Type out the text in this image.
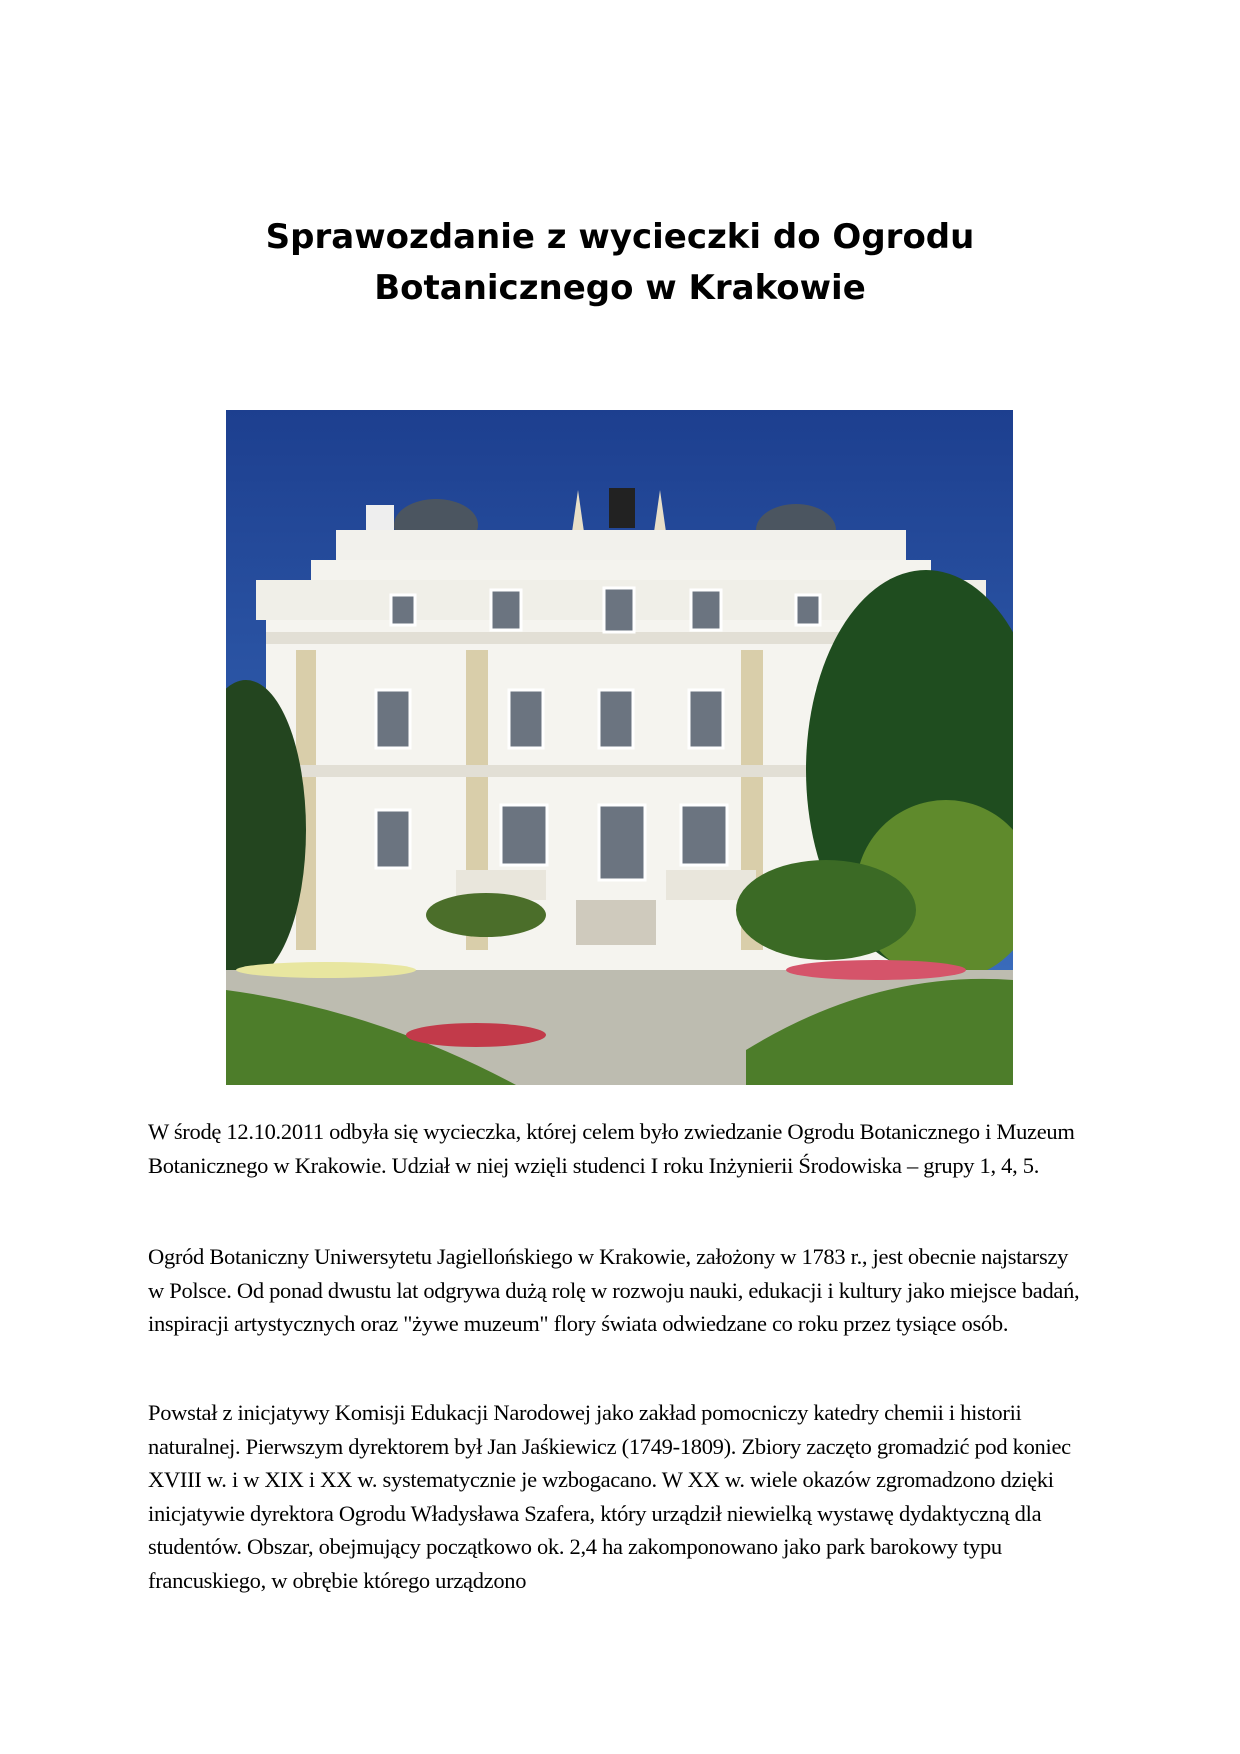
Sprawozdanie z wycieczki do Ogrodu
Botanicznego w Krakowie

W środę 12.10.2011 odbyła się wycieczka, której celem było zwiedzanie Ogrodu Botanicznego i Muzeum Botanicznego w Krakowie. Udział w niej wzięli studenci I roku Inżynierii Środowiska – grupy 1, 4, 5.

Ogród Botaniczny Uniwersytetu Jagiellońskiego w Krakowie, założony w 1783 r., jest obecnie najstarszy w Polsce. Od ponad dwustu lat odgrywa dużą rolę w rozwoju nauki, edukacji i kultury jako miejsce badań, inspiracji artystycznych oraz "żywe muzeum" flory świata odwiedzane co roku przez tysiące osób.

Powstał z inicjatywy Komisji Edukacji Narodowej jako zakład pomocniczy katedry chemii i historii naturalnej. Pierwszym dyrektorem był Jan Jaśkiewicz (1749-1809). Zbiory zaczęto gromadzić pod koniec XVIII w. i w XIX i XX w. systematycznie je wzbogacano. W XX w. wiele okazów zgromadzono dzięki inicjatywie dyrektora Ogrodu Władysława Szafera, który urządził niewielką wystawę dydaktyczną dla studentów. Obszar, obejmujący początkowo ok. 2,4 ha zakomponowano jako park barokowy typu francuskiego, w obrębie którego urządzono
